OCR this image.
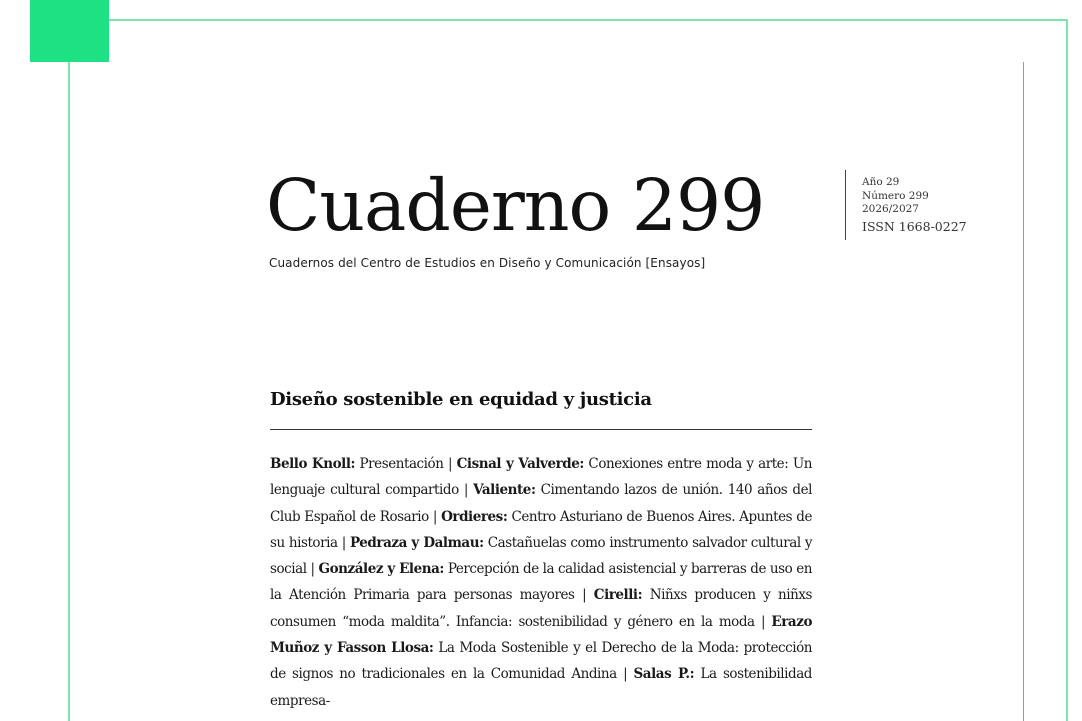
Cuaderno 299
Cuadernos del Centro de Estudios en Diseño y Comunicación [Ensayos]
Año 29
Número 299
2026/2027
ISSN 1668-0227
Diseño sostenible en equidad y justicia
Bello Knoll: Presentación | Cisnal y Valverde: Conexiones entre moda y arte: Un lenguaje cultural compartido | Valiente: Cimentando lazos de unión. 140 años del Club Español de Rosario | Ordieres: Centro Asturiano de Buenos Aires. Apuntes de su historia | Pedraza y Dalmau: Castañuelas como instrumento salvador cultural y social | González y Elena: Percepción de la calidad asistencial y barreras de uso en la Atención Primaria para personas mayores | Cirelli: Niñxs producen y niñxs consumen “moda maldita”. Infancia: sostenibilidad y género en la moda | Erazo Muñoz y Fasson Llosa: La Moda Sostenible y el Derecho de la Moda: protección de signos no tradicionales en la Comunidad Andina | Salas P.: La sostenibilidad empresa-
